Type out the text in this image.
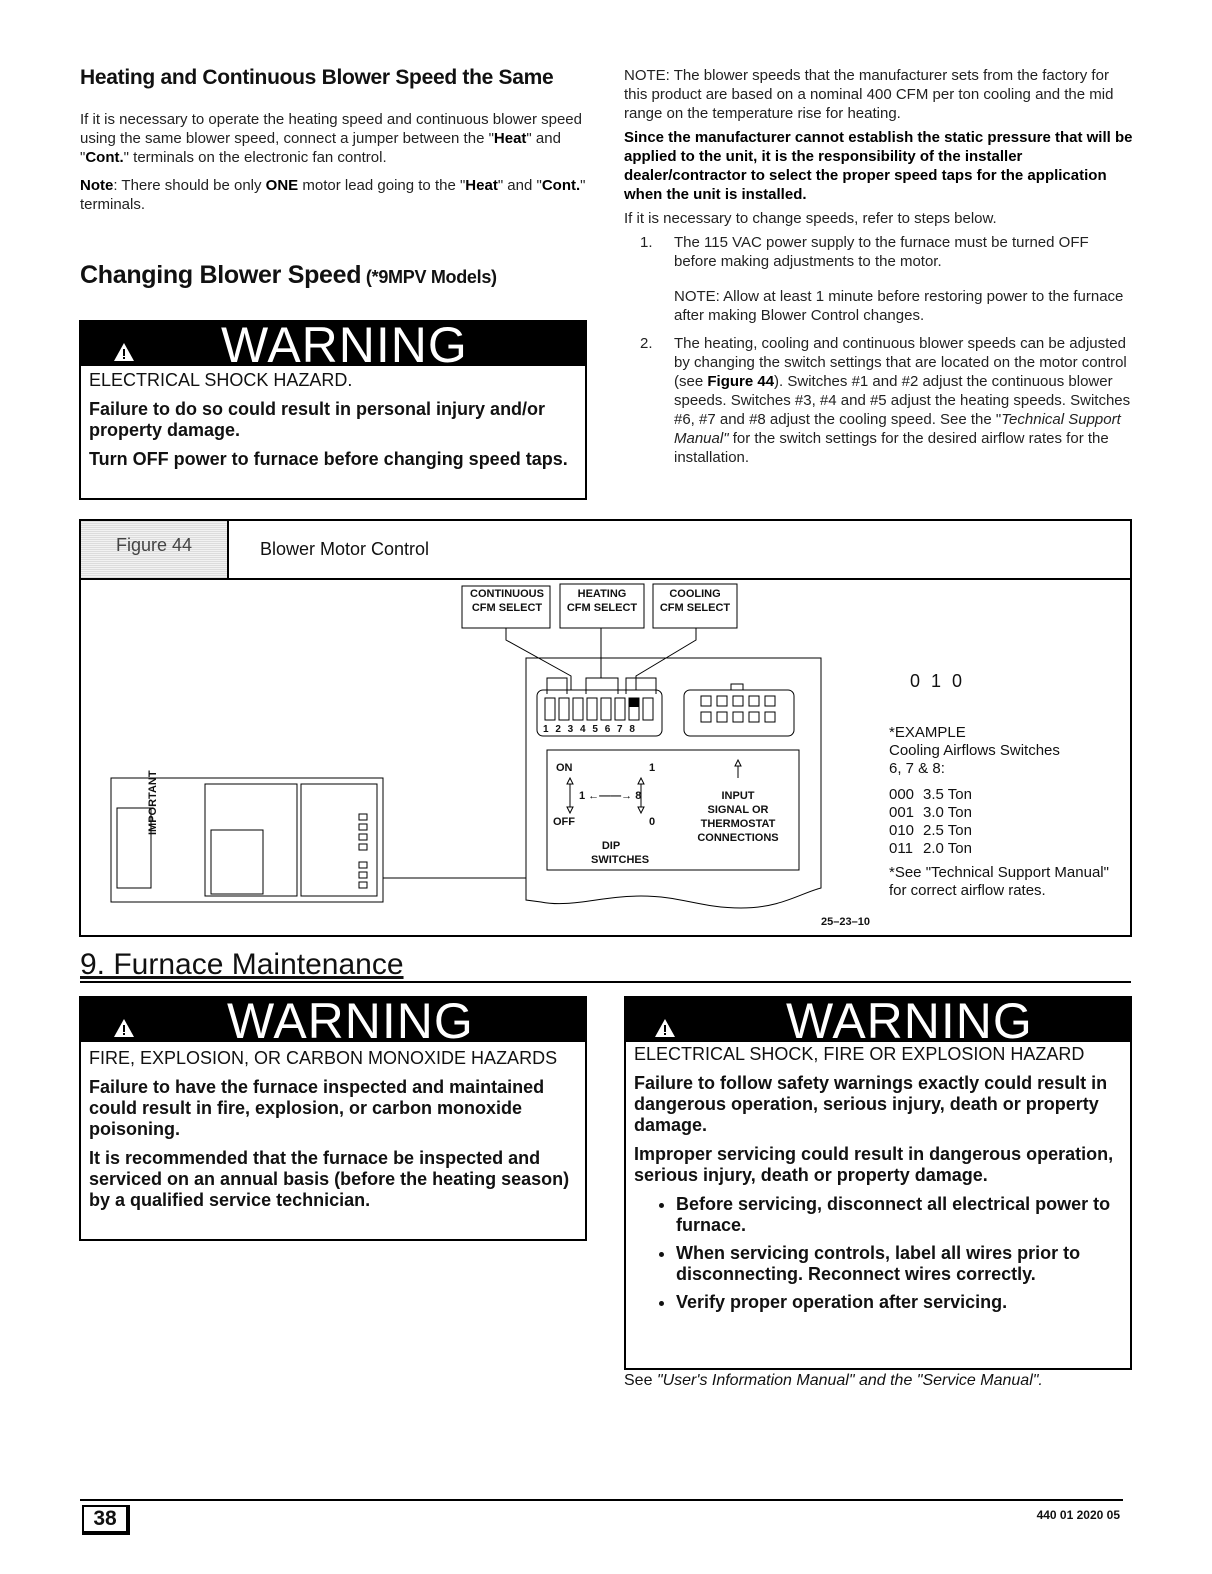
Heating and Continuous Blower Speed the Same

If it is necessary to operate the heating speed and continuous blower speed using the same blower speed, connect a jumper between the "Heat" and "Cont." terminals on the electronic fan control.

Note: There should be only ONE motor lead going to the "Heat" and "Cont." terminals.

Changing Blower Speed (*9MPV Models)
WARNING

ELECTRICAL SHOCK HAZARD.

Failure to do so could result in personal injury and/or property damage.

Turn OFF power to furnace before changing speed taps.

NOTE: The blower speeds that the manufacturer sets from the factory for this product are based on a nominal 400 CFM per ton cooling and the mid range on the temperature rise for heating.

Since the manufacturer cannot establish the static pressure that will be applied to the unit, it is the responsibility of the installer dealer/contractor to select the proper speed taps for the application when the unit is installed.

If it is necessary to change speeds, refer to steps below.

1. The 115 VAC power supply to the furnace must be turned OFF before making adjustments to the motor.
NOTE: Allow at least 1 minute before restoring power to the furnace after making Blower Control changes.
2. The heating, cooling and continuous blower speeds can be adjusted by changing the switch settings that are located on the motor control (see Figure 44). Switches #1 and #2 adjust the continuous blower speeds. Switches #3, #4 and #5 adjust the heating speeds. Switches #6, #7 and #8 adjust the cooling speed. See the "Technical Support Manual" for the switch settings for the desired airflow rates for the installation.
Figure 44	Blower Motor Control
CONTINUOUS
CFM SELECT
HEATING
CFM SELECT
COOLING
CFM SELECT
1 2 3 4 5 6 7 8
ON	1
1 ←——→ 8
OFF	0
DIP
SWITCHES
INPUT
SIGNAL OR
THERMOSTAT
CONNECTIONS
IMPORTANT
25–23–10
0 1 0
*EXAMPLE
Cooling Airflows Switches
6, 7 & 8:
000 3.5 Ton
001 3.0 Ton
010 2.5 Ton
011 2.0 Ton
*See "Technical Support Manual" for correct airflow rates.
9. Furnace Maintenance
WARNING

FIRE, EXPLOSION, OR CARBON MONOXIDE HAZARDS

Failure to have the furnace inspected and maintained could result in fire, explosion, or carbon monoxide poisoning.

It is recommended that the furnace be inspected and serviced on an annual basis (before the heating season) by a qualified service technician.

WARNING

ELECTRICAL SHOCK, FIRE OR EXPLOSION HAZARD

Failure to follow safety warnings exactly could result in dangerous operation, serious injury, death or property damage.

Improper servicing could result in dangerous operation, serious injury, death or property damage.

• Before servicing, disconnect all electrical power to furnace.
• When servicing controls, label all wires prior to disconnecting. Reconnect wires correctly.
• Verify proper operation after servicing.
See "User's Information Manual" and the "Service Manual".
38	440 01 2020 05
